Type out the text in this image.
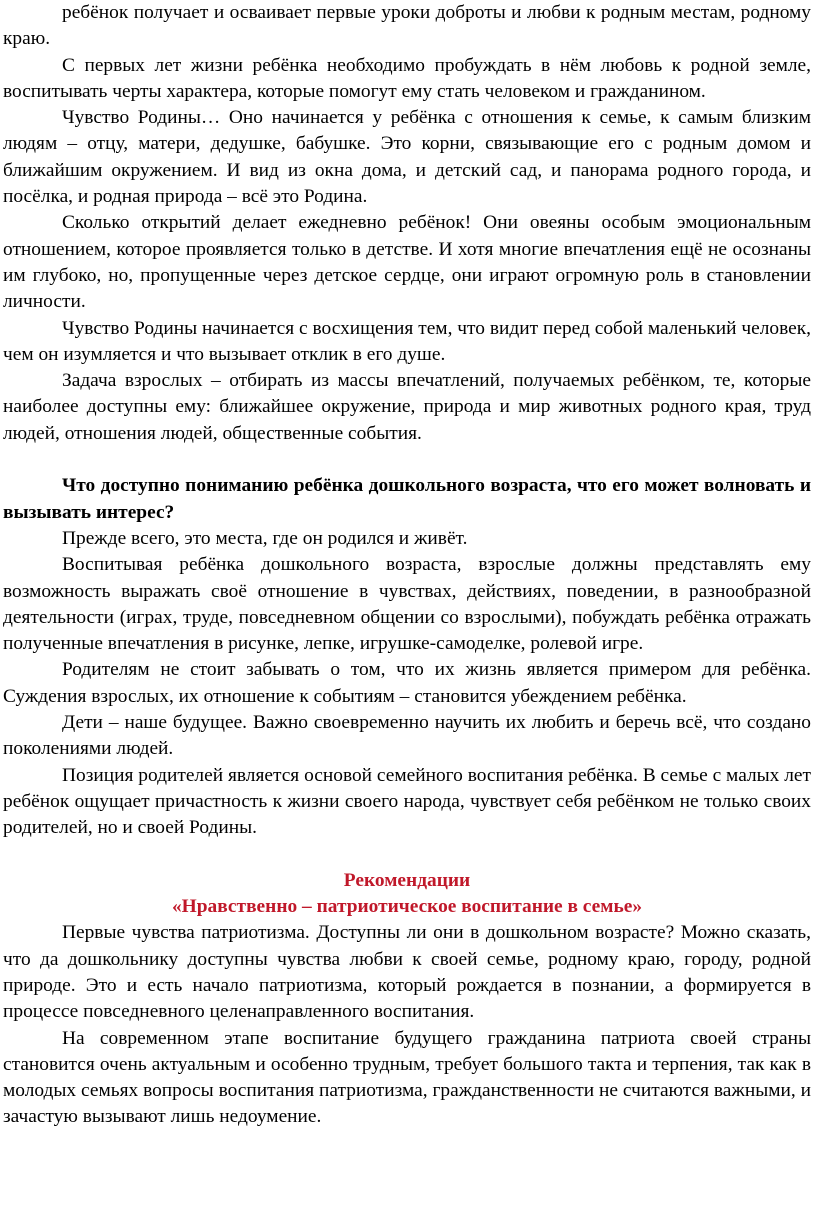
ребёнок получает и осваивает первые уроки доброты и любви к родным местам, родному краю.

С первых лет жизни ребёнка необходимо пробуждать в нём любовь к родной земле, воспитывать черты характера, которые помогут ему стать человеком и гражданином.

Чувство Родины… Оно начинается у ребёнка с отношения к семье, к самым близким людям – отцу, матери, дедушке, бабушке. Это корни, связывающие его с родным домом и ближайшим окружением. И вид из окна дома, и детский сад, и панорама родного города, и посёлка, и родная природа – всё это Родина.

Сколько открытий делает ежедневно ребёнок! Они овеяны особым эмоциональным отношением, которое проявляется только в детстве. И хотя многие впечатления ещё не осознаны им глубоко, но, пропущенные через детское сердце, они играют огромную роль в становлении личности.

Чувство Родины начинается с восхищения тем, что видит перед собой маленький человек, чем он изумляется и что вызывает отклик в его душе.

Задача взрослых – отбирать из массы впечатлений, получаемых ребёнком, те, которые наиболее доступны ему: ближайшее окружение, природа и мир животных родного края, труд людей, отношения людей, общественные события.

Что доступно пониманию ребёнка дошкольного возраста, что его может волновать и вызывать интерес?

Прежде всего, это места, где он родился и живёт.

Воспитывая ребёнка дошкольного возраста, взрослые должны представлять ему возможность выражать своё отношение в чувствах, действиях, поведении, в разнообразной деятельности (играх, труде, повседневном общении со взрослыми), побуждать ребёнка отражать полученные впечатления в рисунке, лепке, игрушке-самоделке, ролевой игре.

Родителям не стоит забывать о том, что их жизнь является примером для ребёнка. Суждения взрослых, их отношение к событиям – становится убеждением ребёнка.

Дети – наше будущее. Важно своевременно научить их любить и беречь всё, что создано поколениями людей.

Позиция родителей является основой семейного воспитания ребёнка. В семье с малых лет ребёнок ощущает причастность к жизни своего народа, чувствует себя ребёнком не только своих родителей, но и своей Родины.

Рекомендации

«Нравственно – патриотическое воспитание в семье»

Первые чувства патриотизма. Доступны ли они в дошкольном возрасте? Можно сказать, что да дошкольнику доступны чувства любви к своей семье, родному краю, городу, родной природе. Это и есть начало патриотизма, который рождается в познании, а формируется в процессе повседневного целенаправленного воспитания.

На современном этапе воспитание будущего гражданина патриота своей страны становится очень актуальным и особенно трудным, требует большого такта и терпения, так как в молодых семьях вопросы воспитания патриотизма, гражданственности не считаются важными, и зачастую вызывают лишь недоумение.
